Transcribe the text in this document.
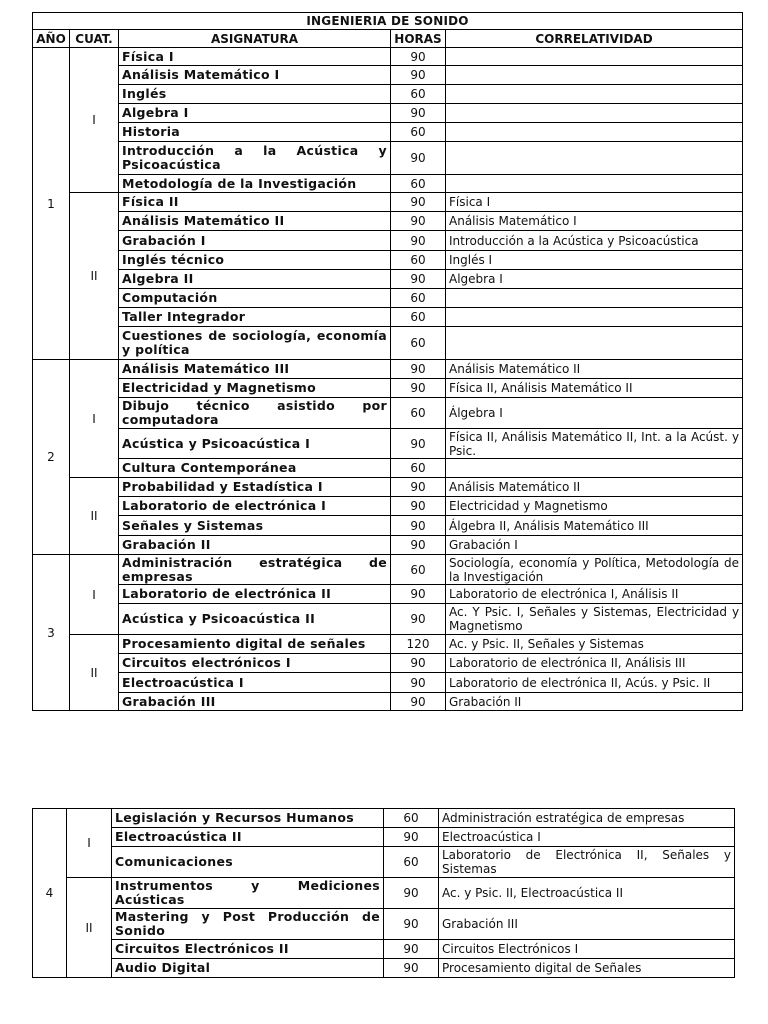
INGENIERIA DE SONIDO				
AÑO	CUAT.	ASIGNATURA	HORAS	CORRELATIVIDAD
1	I	Física I	90	
		Análisis Matemático I	90	
		Inglés	60	
		Algebra I	90	
		Historia	60	
		Introducción a la Acústica y Psicoacústica	90	
		Metodología de la Investigación	60	
	II	Física II	90	Física I
		Análisis Matemático II	90	Análisis Matemático I
		Grabación I	90	Introducción a la Acústica y Psicoacústica
		Inglés técnico	60	Inglés I
		Algebra II	90	Algebra I
		Computación	60	
		Taller Integrador	60	
		Cuestiones de sociología, economía y política	60	
2	I	Análisis Matemático III	90	Análisis Matemático II
		Electricidad y Magnetismo	90	Física II, Análisis Matemático II
		Dibujo técnico asistido por computadora	60	Álgebra I
		Acústica y Psicoacústica I	90	Física II, Análisis Matemático II, Int. a la Acúst. y Psic.
		Cultura Contemporánea	60	
	II	Probabilidad y Estadística I	90	Análisis Matemático II
		Laboratorio de electrónica I	90	Electricidad y Magnetismo
		Señales y Sistemas	90	Álgebra II, Análisis Matemático III
		Grabación II	90	Grabación I
3	I	Administración estratégica de empresas	60	Sociología, economía y Política, Metodología de la Investigación
		Laboratorio de electrónica II	90	Laboratorio de electrónica I, Análisis II
		Acústica y Psicoacústica II	90	Ac. Y Psic. I, Señales y Sistemas, Electricidad y Magnetismo
	II	Procesamiento digital de señales	120	Ac. y Psic. II, Señales y Sistemas
		Circuitos electrónicos I	90	Laboratorio de electrónica II, Análisis III
		Electroacústica I	90	Laboratorio de electrónica II, Acús. y Psic. II
		Grabación III	90	Grabación II
4	I	Legislación y Recursos Humanos	60	Administración estratégica de empresas
		Electroacústica II	90	Electroacústica I
		Comunicaciones	60	Laboratorio de Electrónica II, Señales y Sistemas
	II	Instrumentos y Mediciones Acústicas	90	Ac. y Psic. II, Electroacústica II
		Mastering y Post Producción de Sonido	90	Grabación III
		Circuitos Electrónicos II	90	Circuitos Electrónicos I
		Audio Digital	90	Procesamiento digital de Señales
